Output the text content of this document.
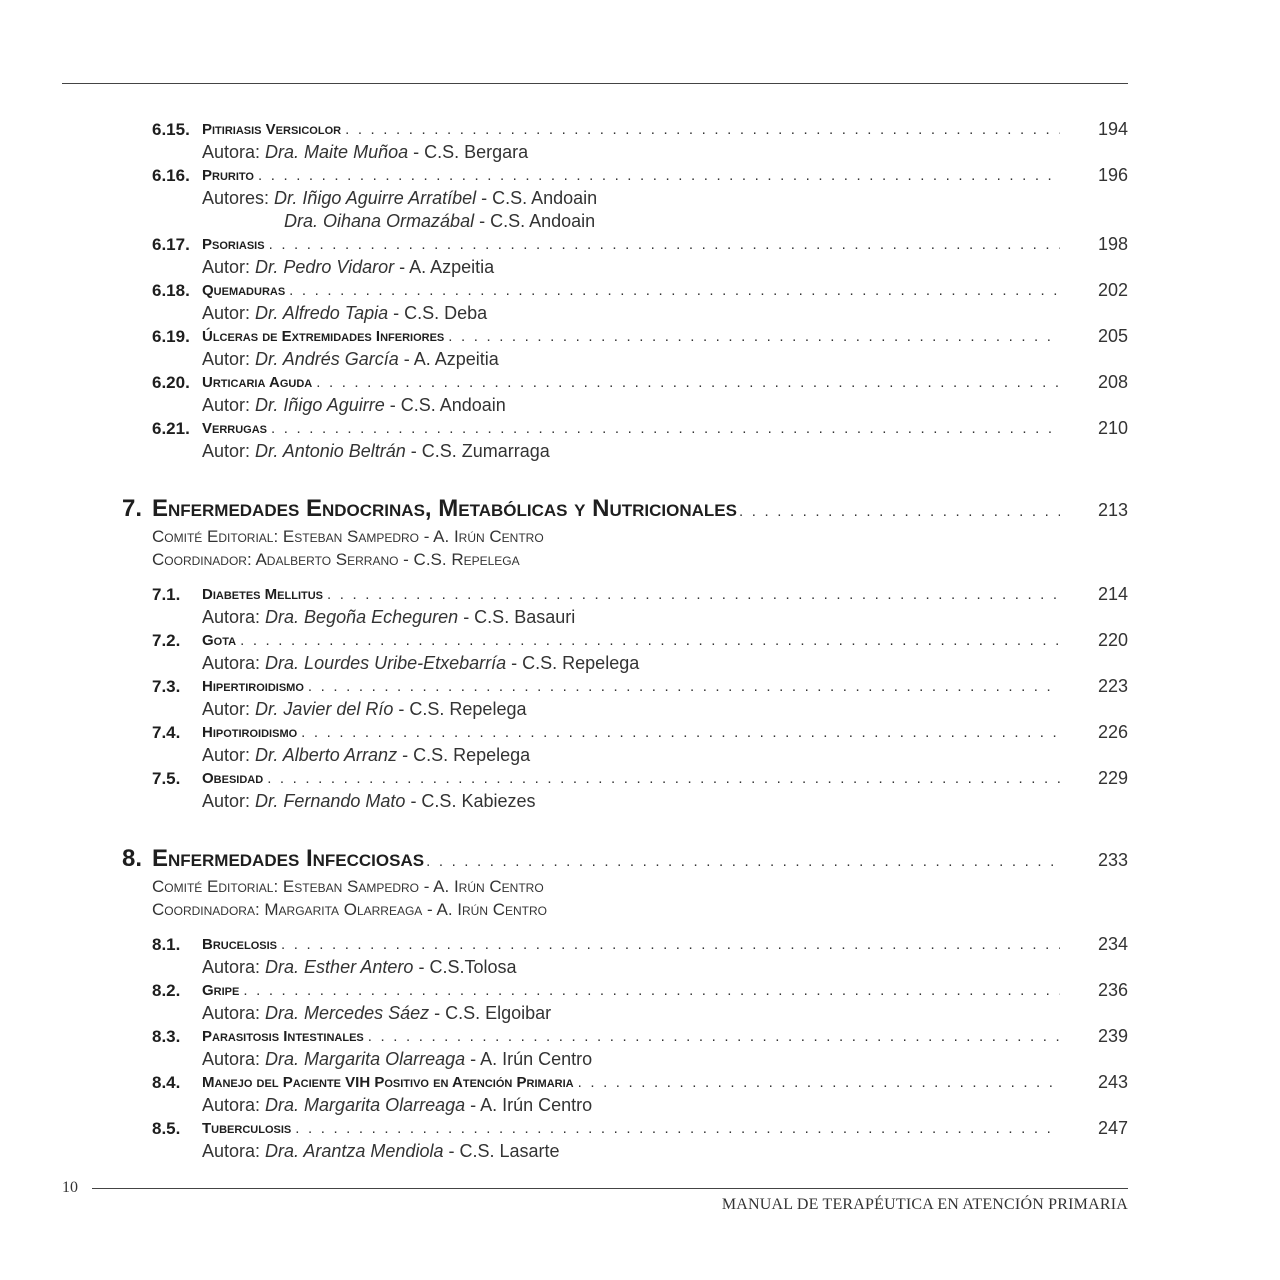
6.15. Pitiriasis Versicolor . . .	194
Autora: Dra. Maite Muñoa - C.S. Bergara
6.16. Prurito . . .	196
Autores: Dr. Iñigo Aguirre Arratíbel - C.S. Andoain
Dra. Oihana Ormazábal - C.S. Andoain
6.17. Psoriasis . . .	198
Autor: Dr. Pedro Vidaror - A. Azpeitia
6.18. Quemaduras . . .	202
Autor: Dr. Alfredo Tapia - C.S. Deba
6.19. Úlceras de Extremidades Inferiores . . .	205
Autor: Dr. Andrés García - A. Azpeitia
6.20. Urticaria Aguda . . .	208
Autor: Dr. Iñigo Aguirre - C.S. Andoain
6.21. Verrugas . . .	210
Autor: Dr. Antonio Beltrán - C.S. Zumarraga
7. Enfermedades Endocrinas, Metabólicas y Nutricionales . . .	213
Comité Editorial: Esteban Sampedro - A. Irún Centro
Coordinador: Adalberto Serrano - C.S. Repelega
7.1. Diabetes Mellitus . . .	214
Autora: Dra. Begoña Echeguren - C.S. Basauri
7.2. Gota . . .	220
Autora: Dra. Lourdes Uribe-Etxebarría - C.S. Repelega
7.3. Hipertiroidismo . . .	223
Autor: Dr. Javier del Río - C.S. Repelega
7.4. Hipotiroidismo . . .	226
Autor: Dr. Alberto Arranz - C.S. Repelega
7.5. Obesidad . . .	229
Autor: Dr. Fernando Mato - C.S. Kabiezes
8. Enfermedades Infecciosas . . .	233
Comité Editorial: Esteban Sampedro - A. Irún Centro
Coordinadora: Margarita Olarreaga - A. Irún Centro
8.1. Brucelosis . . .	234
Autora: Dra. Esther Antero - C.S.Tolosa
8.2. Gripe . . .	236
Autora: Dra. Mercedes Sáez - C.S. Elgoibar
8.3. Parasitosis Intestinales . . .	239
Autora: Dra. Margarita Olarreaga - A. Irún Centro
8.4. Manejo del Paciente VIH Positivo en Atención Primaria . . .	243
Autora: Dra. Margarita Olarreaga - A. Irún Centro
8.5. Tuberculosis . . .	247
Autora: Dra. Arantza Mendiola - C.S. Lasarte
10
MANUAL DE TERAPÉUTICA EN ATENCIÓN PRIMARIA
